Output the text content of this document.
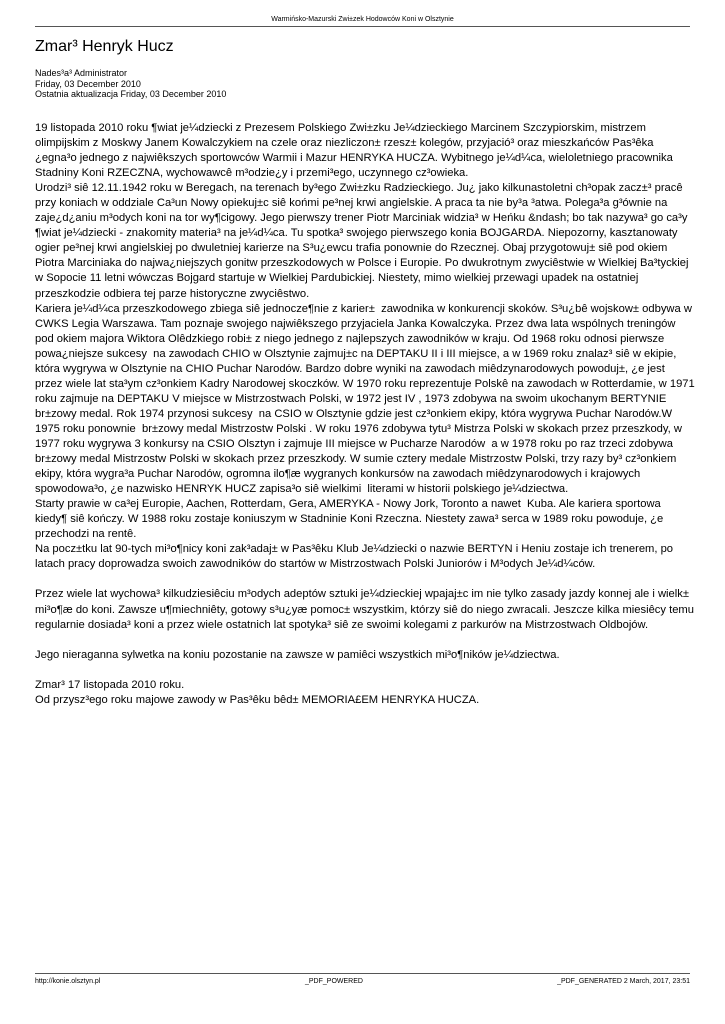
Warmińsko-Mazurski Zwi±zek Hodowców Koni w Olsztynie
Zmar³ Henryk Hucz
Nades³a³ Administrator
Friday, 03 December 2010
Ostatnia aktualizacja Friday, 03 December 2010

19 listopada 2010 roku ¶wiat je¼dziecki z Prezesem Polskiego Zwi±zku Je¼dzieckiego Marcinem Szczypiorskim, mistrzem olimpijskim z Moskwy Janem Kowalczykiem na czele oraz niezliczon± rzesz± kolegów, przyjació³ oraz mieszkańców Pas³êka ¿egna³o jednego z najwiêkszych sportowców Warmii i Mazur HENRYKA HUCZA. Wybitnego je¼d¼ca, wieloletniego pracownika Stadniny Koni RZECZNA, wychowawcê m³odzie¿y i przemi³ego, uczynnego cz³owieka.

Urodzi³ siê 12.11.1942 roku w Beregach, na terenach by³ego Zwi±zku Radzieckiego. Ju¿ jako kilkunastoletni ch³opak zacz±³ pracê przy koniach w oddziale Ca³un Nowy opiekuj±c siê końmi pe³nej krwi angielskie. A praca ta nie by³a ³atwa. Polega³a g³ównie na zaje¿d¿aniu m³odych koni na tor wy¶cigowy. Jego pierwszy trener Piotr Marciniak widzia³ w Heńku &ndash; bo tak nazywa³ go ca³y ¶wiat je¼dziecki - znakomity materia³ na je¼d¼ca. Tu spotka³ swojego pierwszego konia BOJGARDA. Niepozorny, kasztanowaty ogier pe³nej krwi angielskiej po dwuletniej karierze na S³u¿ewcu trafia ponownie do Rzecznej. Obaj przygotowuj± siê pod okiem Piotra Marciniaka do najwa¿niejszych gonitw przeszkodowych w Polsce i Europie. Po dwukrotnym zwyciêstwie w Wielkiej Ba³tyckiej w Sopocie 11 letni wówczas Bojgard startuje w Wielkiej Pardubickiej. Niestety, mimo wielkiej przewagi upadek na ostatniej przeszkodzie odbiera tej parze historyczne zwyciêstwo.

Kariera je¼d¼ca przeszkodowego zbiega siê jednocze¶nie z karier±  zawodnika w konkurencji skoków. S³u¿bê wojskow± odbywa w CWKS Legia Warszawa. Tam poznaje swojego najwiêkszego przyjaciela Janka Kowalczyka. Przez dwa lata wspólnych treningów pod okiem majora Wiktora Olêdzkiego robi± z niego jednego z najlepszych zawodników w kraju. Od 1968 roku odnosi pierwsze powa¿niejsze sukcesy  na zawodach CHIO w Olsztynie zajmuj±c na DEPTAKU II i III miejsce, a w 1969 roku znalaz³ siê w ekipie, która wygrywa w Olsztynie na CHIO Puchar Narodów. Bardzo dobre wyniki na zawodach miêdzynarodowych powoduj±, ¿e jest przez wiele lat sta³ym cz³onkiem Kadry Narodowej skoczków. W 1970 roku reprezentuje Polskê na zawodach w Rotterdamie, w 1971 roku zajmuje na DEPTAKU V miejsce w Mistrzostwach Polski, w 1972 jest IV , 1973 zdobywa na swoim ukochanym BERTYNIE  br±zowy medal. Rok 1974 przynosi sukcesy  na CSIO w Olsztynie gdzie jest cz³onkiem ekipy, która wygrywa Puchar Narodów.W 1975 roku ponownie  br±zowy medal Mistrzostw Polski . W roku 1976 zdobywa tytu³ Mistrza Polski w skokach przez przeszkody, w 1977 roku wygrywa 3 konkursy na CSIO Olsztyn i zajmuje III miejsce w Pucharze Narodów  a w 1978 roku po raz trzeci zdobywa br±zowy medal Mistrzostw Polski w skokach przez przeszkody. W sumie cztery medale Mistrzostw Polski, trzy razy by³ cz³onkiem ekipy, która wygra³a Puchar Narodów, ogromna ilo¶æ wygranych konkursów na zawodach miêdzynarodowych i krajowych spowodowa³o, ¿e nazwisko HENRYK HUCZ zapisa³o siê wielkimi  literami w historii polskiego je¼dziectwa.

Starty prawie w ca³ej Europie, Aachen, Rotterdam, Gera, AMERYKA - Nowy Jork, Toronto a nawet  Kuba. Ale kariera sportowa kiedy¶ siê kończy. W 1988 roku zostaje koniuszym w Stadninie Koni Rzeczna. Niestety zawa³ serca w 1989 roku powoduje, ¿e przechodzi na rentê.

Na pocz±tku lat 90-tych mi³o¶nicy koni zak³adaj± w Pas³êku Klub Je¼dziecki o nazwie BERTYN i Heniu zostaje ich trenerem, po latach pracy doprowadza swoich zawodników do startów w Mistrzostwach Polski Juniorów i M³odych Je¼d¼ców.

Przez wiele lat wychowa³ kilkudziesiêciu m³odych adeptów sztuki je¼dzieckiej wpajaj±c im nie tylko zasady jazdy konnej ale i wielk± mi³o¶æ do koni. Zawsze u¶miechniêty, gotowy s³u¿yæ pomoc± wszystkim, którzy siê do niego zwracali. Jeszcze kilka miesiêcy temu regularnie dosiada³ koni a przez wiele ostatnich lat spotyka³ siê ze swoimi kolegami z parkurów na Mistrzostwach Oldbojów.

Jego nieraganna sylwetka na koniu pozostanie na zawsze w pamiêci wszystkich mi³o¶ników je¼dziectwa.

Zmar³ 17 listopada 2010 roku.

Od przysz³ego roku majowe zawody w Pas³êku bêd± MEMORIA£EM HENRYKA HUCZA.

http://konie.olsztyn.pl	_PDF_POWERED	_PDF_GENERATED 2 March, 2017, 23:51
